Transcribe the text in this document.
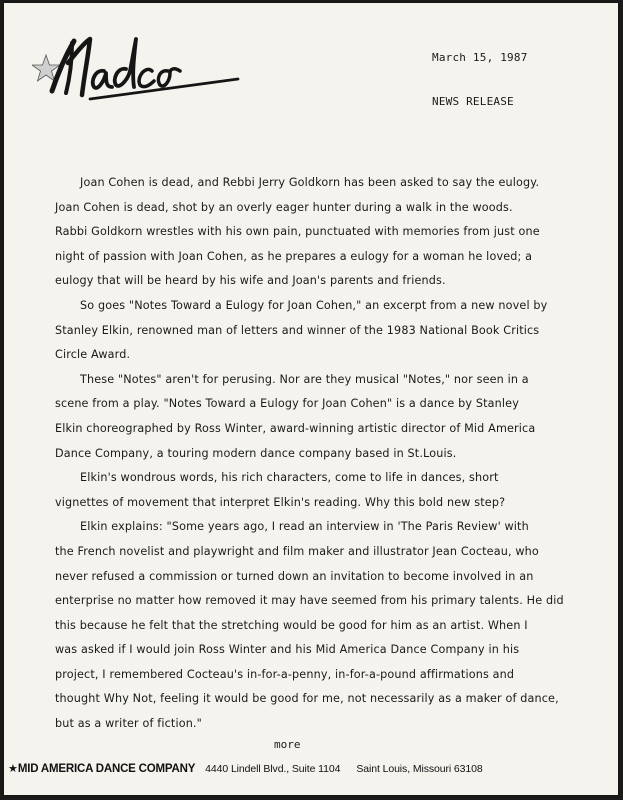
March 15, 1987
NEWS RELEASE

Joan Cohen is dead, and Rebbi Jerry Goldkorn has been asked to say the eulogy.
Joan Cohen is dead, shot by an overly eager hunter during a walk in the woods.
Rabbi Goldkorn wrestles with his own pain, punctuated with memories from just one
night of passion with Joan Cohen, as he prepares a eulogy for a woman he loved; a
eulogy that will be heard by his wife and Joan's parents and friends.

So goes "Notes Toward a Eulogy for Joan Cohen," an excerpt from a new novel by
Stanley Elkin, renowned man of letters and winner of the 1983 National Book Critics
Circle Award.

These "Notes" aren't for perusing. Nor are they musical "Notes," nor seen in a
scene from a play. "Notes Toward a Eulogy for Joan Cohen" is a dance by Stanley
Elkin choreographed by Ross Winter, award-winning artistic director of Mid America
Dance Company, a touring modern dance company based in St.Louis.

Elkin's wondrous words, his rich characters, come to life in dances, short
vignettes of movement that interpret Elkin's reading. Why this bold new step?

Elkin explains: "Some years ago, I read an interview in 'The Paris Review' with
the French novelist and playwright and film maker and illustrator Jean Cocteau, who
never refused a commission or turned down an invitation to become involved in an
enterprise no matter how removed it may have seemed from his primary talents. He did
this because he felt that the stretching would be good for him as an artist. When I
was asked if I would join Ross Winter and his Mid America Dance Company in his
project, I remembered Cocteau's in-for-a-penny, in-for-a-pound affirmations and
thought Why Not, feeling it would be good for me, not necessarily as a maker of dance,
but as a writer of fiction."

more
★MID AMERICA DANCE COMPANY 4440 Lindell Blvd., Suite 1104 Saint Louis, Missouri 63108
